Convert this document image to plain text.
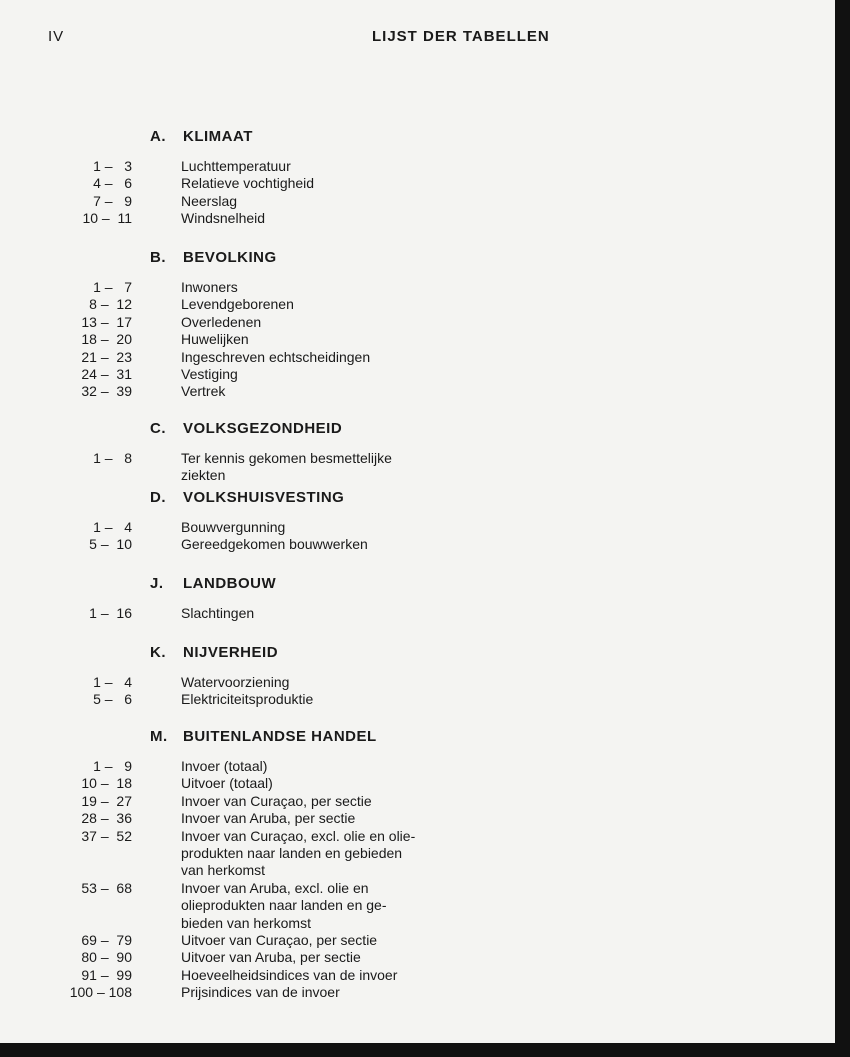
IV	LIJST DER TABELLEN
A. KLIMAAT
1 –   3	Luchttemperatuur
4 –   6	Relatieve vochtigheid
7 –   9	Neerslag
10 –  11	Windsnelheid
B. BEVOLKING
1 –   7	Inwoners
8 –  12	Levendgeborenen
13 –  17	Overledenen
18 –  20	Huwelijken
21 –  23	Ingeschreven echtscheidingen
24 –  31	Vestiging
32 –  39	Vertrek
C. VOLKSGEZONDHEID
1 –   8	Ter kennis gekomen besmettelijke
ziekten
D. VOLKSHUISVESTING
1 –   4	Bouwvergunning
5 –  10	Gereedgekomen bouwwerken
J. LANDBOUW
1 –  16	Slachtingen
K. NIJVERHEID
1 –   4	Watervoorziening
5 –   6	Elektriciteitsproduktie
M. BUITENLANDSE HANDEL
1 –   9	Invoer (totaal)
10 –  18	Uitvoer (totaal)
19 –  27	Invoer van Curaçao, per sectie
28 –  36	Invoer van Aruba, per sectie
37 –  52	Invoer van Curaçao, excl. olie en olie-
produkten naar landen en gebieden
van herkomst
53 –  68	Invoer van Aruba, excl. olie en
olieprodukten naar landen en ge-
bieden van herkomst
69 –  79	Uitvoer van Curaçao, per sectie
80 –  90	Uitvoer van Aruba, per sectie
91 –  99	Hoeveelheidsindices van de invoer
100 – 108	Prijsindices van de invoer
